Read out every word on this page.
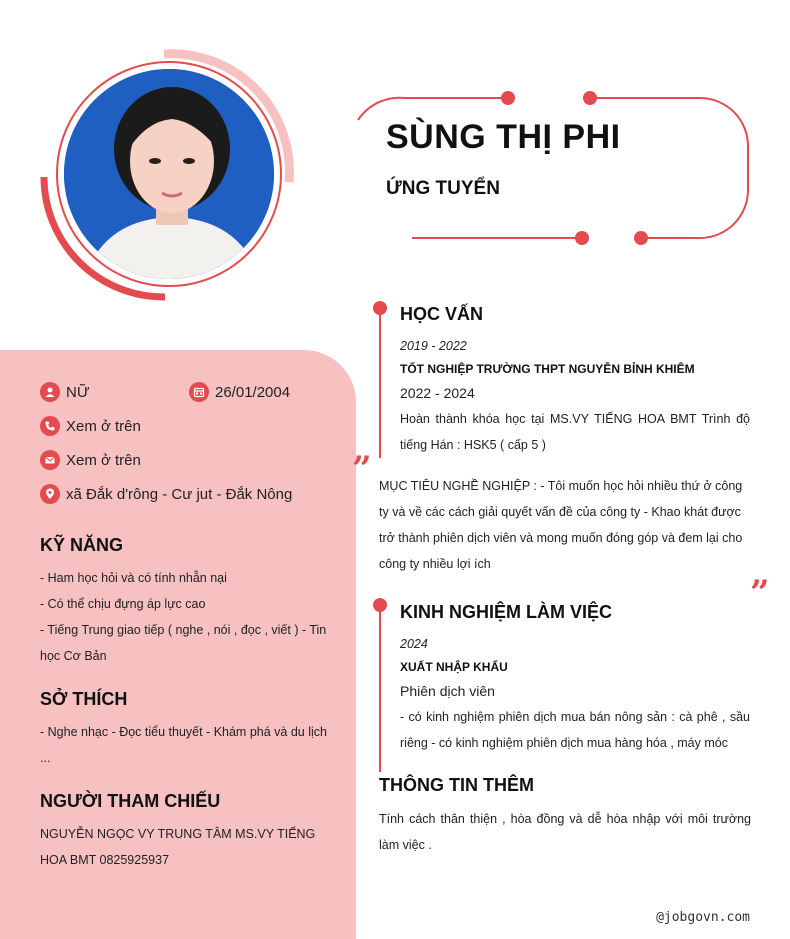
SÙNG THỊ PHI
ỨNG TUYỂN
NỮ	26/01/2004
Xem ở trên
Xem ở trên
xã Đắk d'rông - Cư jut - Đắk Nông
KỸ NĂNG
- Ham học hỏi và có tính nhẫn nại
- Có thể chịu đựng áp lực cao
- Tiếng Trung giao tiếp ( nghe , nói , đọc , viết ) - Tin học Cơ Bản
SỞ THÍCH
- Nghe nhạc - Đọc tiểu thuyết - Khám phá và du lịch ...
NGƯỜI THAM CHIẾU
NGUYỄN NGỌC VY TRUNG TÂM MS.VY TIẾNG HOA BMT 0825925937
HỌC VẤN
2019 - 2022
TỐT NGHIỆP TRƯỜNG THPT NGUYỄN BỈNH KHIÊM
2022 - 2024
Hoàn thành khóa học tại MS.VY TIẾNG HOA BMT Trình độ tiếng Hán : HSK5 ( cấp 5 )
” MỤC TIÊU NGHỀ NGHIỆP : - Tôi muốn học hỏi nhiều thứ ở công ty và về các cách giải quyết vấn đề của công ty - Khao khát được trở thành phiên dịch viên và mong muốn đóng góp và đem lại cho công ty nhiều lợi ích
”
KINH NGHIỆM LÀM VIỆC
2024
XUẤT NHẬP KHẨU
Phiên dịch viên
- có kinh nghiệm phiên dịch mua bán nông sản : cà phê , sầu riêng - có kinh nghiệm phiên dịch mua hàng hóa , máy móc
THÔNG TIN THÊM
Tính cách thân thiện , hòa đồng và dễ hòa nhập với môi trường làm việc .
@jobgovn.com
